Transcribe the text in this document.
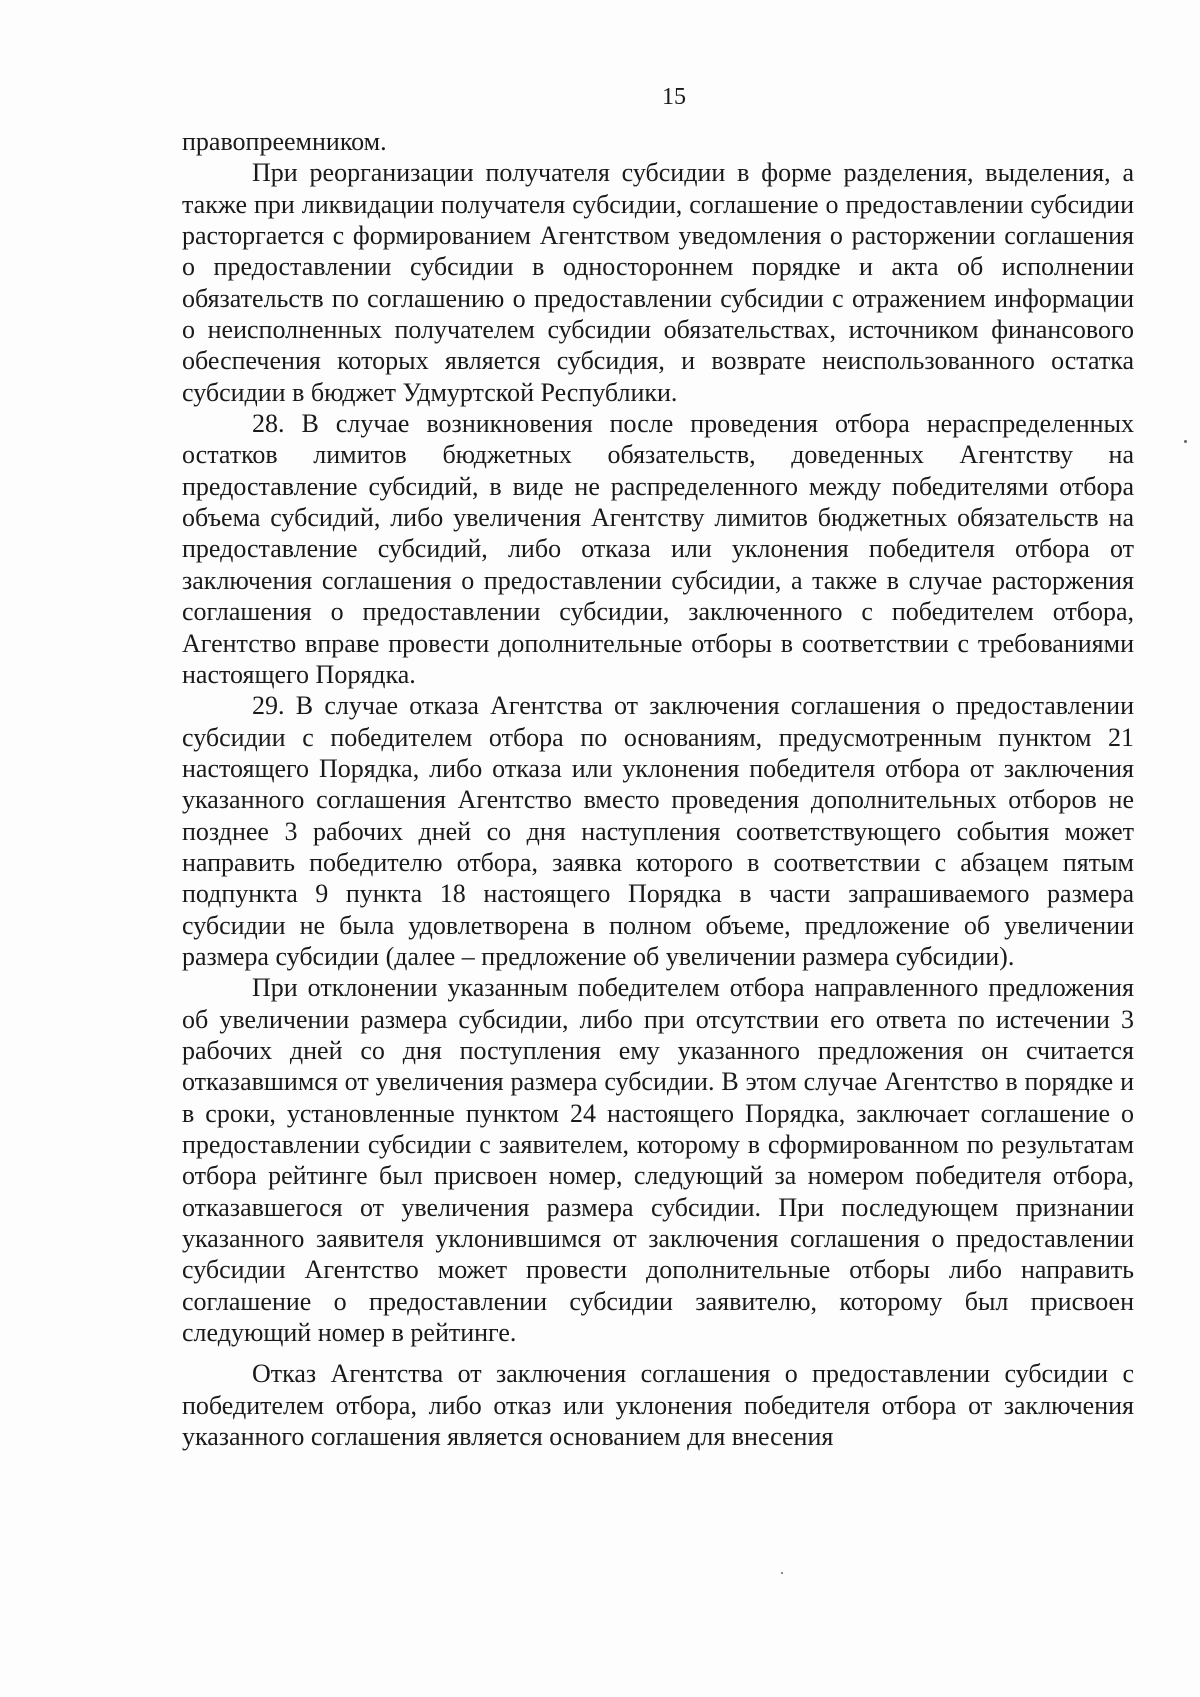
15

правопреемником.

При реорганизации получателя субсидии в форме разделения, выделения, а также при ликвидации получателя субсидии, соглашение о предоставлении субсидии расторгается с формированием Агентством уведомления о расторжении соглашения о предоставлении субсидии в одностороннем порядке и акта об исполнении обязательств по соглашению о предоставлении субсидии с отражением информации о неисполненных получателем субсидии обязательствах, источником финансового обеспечения которых является субсидия, и возврате неиспользованного остатка субсидии в бюджет Удмуртской Республики.

28. В случае возникновения после проведения отбора нераспределенных остатков лимитов бюджетных обязательств, доведенных Агентству на предоставление субсидий, в виде не распределенного между победителями отбора объема субсидий, либо увеличения Агентству лимитов бюджетных обязательств на предоставление субсидий, либо отказа или уклонения победителя отбора от заключения соглашения о предоставлении субсидии, а также в случае расторжения соглашения о предоставлении субсидии, заключенного с победителем отбора, Агентство вправе провести дополнительные отборы в соответствии с требованиями настоящего Порядка.

29. В случае отказа Агентства от заключения соглашения о предоставлении субсидии с победителем отбора по основаниям, предусмотренным пунктом 21 настоящего Порядка, либо отказа или уклонения победителя отбора от заключения указанного соглашения Агентство вместо проведения дополнительных отборов не позднее 3 рабочих дней со дня наступления соответствующего события может направить победителю отбора, заявка которого в соответствии с абзацем пятым подпункта 9 пункта 18 настоящего Порядка в части запрашиваемого размера субсидии не была удовлетворена в полном объеме, предложение об увеличении размера субсидии (далее – предложение об увеличении размера субсидии).

При отклонении указанным победителем отбора направленного предложения об увеличении размера субсидии, либо при отсутствии его ответа по истечении 3 рабочих дней со дня поступления ему указанного предложения он считается отказавшимся от увеличения размера субсидии. В этом случае Агентство в порядке и в сроки, установленные пунктом 24 настоящего Порядка, заключает соглашение о предоставлении субсидии с заявителем, которому в сформированном по результатам отбора рейтинге был присвоен номер, следующий за номером победителя отбора, отказавшегося от увеличения размера субсидии. При последующем признании указанного заявителя уклонившимся от заключения соглашения о предоставлении субсидии Агентство может провести дополнительные отборы либо направить соглашение о предоставлении субсидии заявителю, которому был присвоен следующий номер в рейтинге.

Отказ Агентства от заключения соглашения о предоставлении субсидии с победителем отбора, либо отказ или уклонения победителя отбора от заключения указанного соглашения является основанием для внесения
